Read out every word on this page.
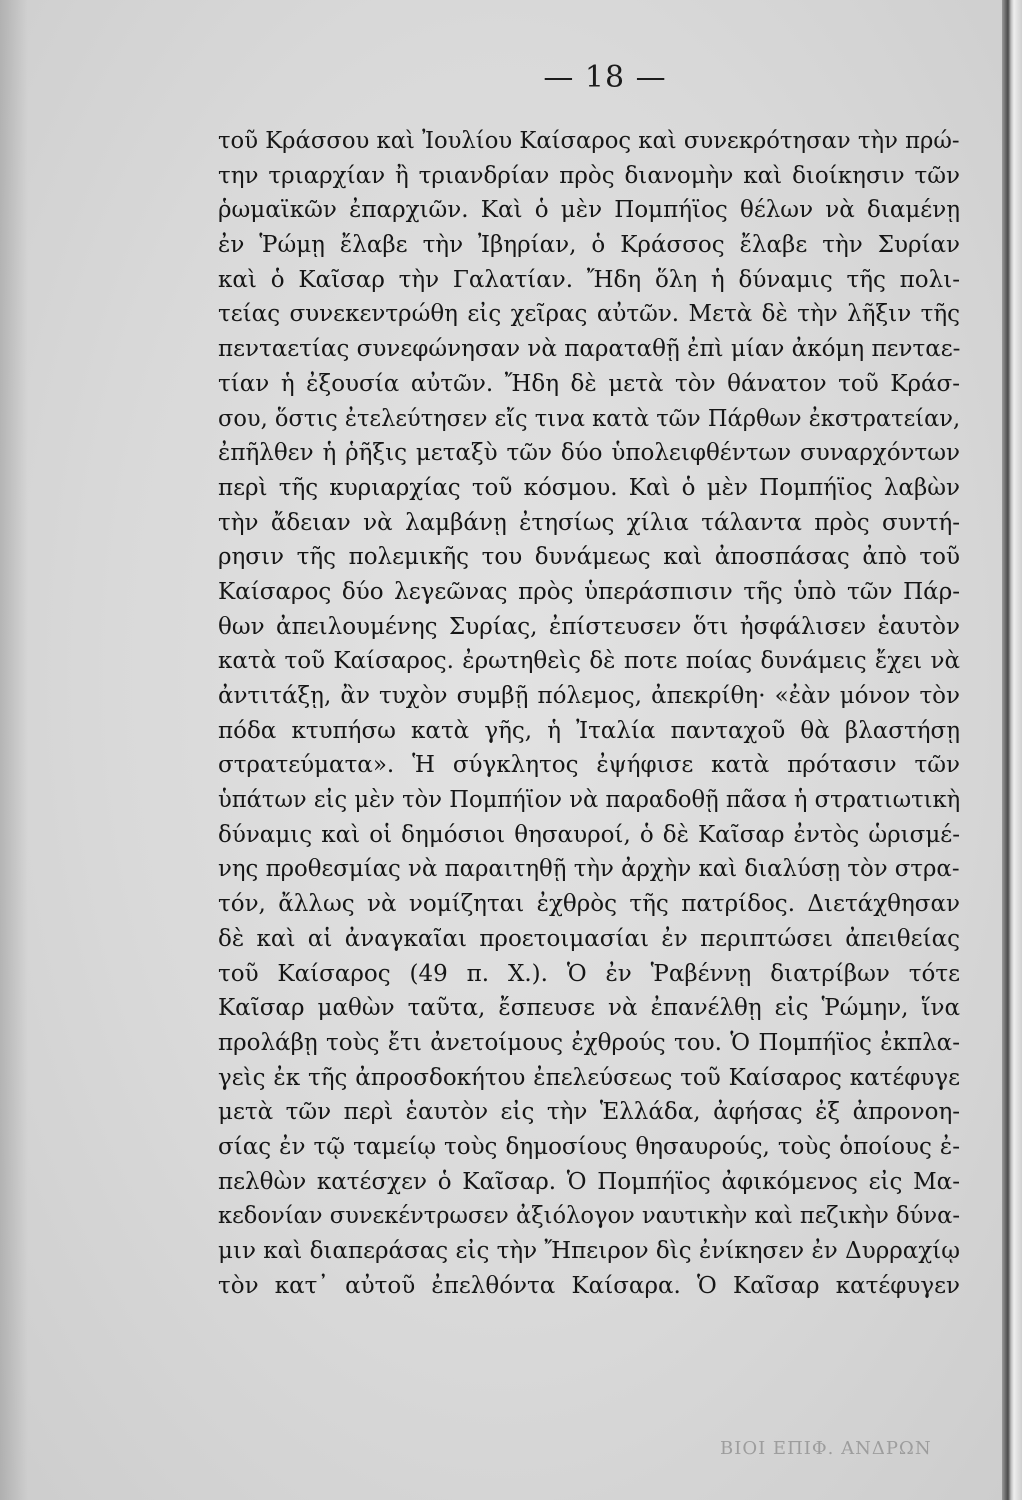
— 18 —
τοῦ Κράσσου καὶ Ἰουλίου Καίσαρος καὶ συνεκρότησαν τὴν πρώ-
την τριαρχίαν ἢ τριανδρίαν πρὸς διανομὴν καὶ διοίκησιν τῶν
ῥωμαϊκῶν ἐπαρχιῶν. Καὶ ὁ μὲν Πομπήϊος θέλων νὰ διαμένῃ
ἐν Ῥώμῃ ἔλαβε τὴν Ἰβηρίαν, ὁ Κράσσος ἔλαβε τὴν Συρίαν
καὶ ὁ Καῖσαρ τὴν Γαλατίαν. Ἤδη ὅλη ἡ δύναμις τῆς πολι-
τείας συνεκεντρώθη εἰς χεῖρας αὐτῶν. Μετὰ δὲ τὴν λῆξιν τῆς
πενταετίας συνεφώνησαν νὰ παραταθῇ ἐπὶ μίαν ἀκόμη πενταε-
τίαν ἡ ἐξουσία αὐτῶν. Ἤδη δὲ μετὰ τὸν θάνατον τοῦ Κράσ-
σου, ὅστις ἐτελεύτησεν εἴς τινα κατὰ τῶν Πάρθων ἐκστρατείαν,
ἐπῆλθεν ἡ ῥῆξις μεταξὺ τῶν δύο ὑπολειφθέντων συναρχόντων
περὶ τῆς κυριαρχίας τοῦ κόσμου. Καὶ ὁ μὲν Πομπήϊος λαβὼν
τὴν ἄδειαν νὰ λαμβάνῃ ἐτησίως χίλια τάλαντα πρὸς συντή-
ρησιν τῆς πολεμικῆς του δυνάμεως καὶ ἀποσπάσας ἀπὸ τοῦ
Καίσαρος δύο λεγεῶνας πρὸς ὑπεράσπισιν τῆς ὑπὸ τῶν Πάρ-
θων ἀπειλουμένης Συρίας, ἐπίστευσεν ὅτι ἠσφάλισεν ἑαυτὸν
κατὰ τοῦ Καίσαρος. ἐρωτηθεὶς δὲ ποτε ποίας δυνάμεις ἔχει νὰ
ἀντιτάξῃ, ἂν τυχὸν συμβῇ πόλεμος, ἀπεκρίθη· «ἐὰν μόνον τὸν
πόδα κτυπήσω κατὰ γῆς, ἡ Ἰταλία πανταχοῦ θὰ βλαστήσῃ
στρατεύματα». Ἡ σύγκλητος ἐψήφισε κατὰ πρότασιν τῶν
ὑπάτων εἰς μὲν τὸν Πομπήϊον νὰ παραδοθῇ πᾶσα ἡ στρατιωτικὴ
δύναμις καὶ οἱ δημόσιοι θησαυροί, ὁ δὲ Καῖσαρ ἐντὸς ὡρισμέ-
νης προθεσμίας νὰ παραιτηθῇ τὴν ἀρχὴν καὶ διαλύσῃ τὸν στρα-
τόν, ἄλλως νὰ νομίζηται ἐχθρὸς τῆς πατρίδος. Διετάχθησαν
δὲ καὶ αἱ ἀναγκαῖαι προετοιμασίαι ἐν περιπτώσει ἀπειθείας
τοῦ Καίσαρος (49 π. Χ.). Ὁ ἐν Ῥαβέννῃ διατρίβων τότε
Καῖσαρ μαθὼν ταῦτα, ἔσπευσε νὰ ἐπανέλθῃ εἰς Ῥώμην, ἵνα
προλάβῃ τοὺς ἔτι ἀνετοίμους ἐχθρούς του. Ὁ Πομπήϊος ἐκπλα-
γεὶς ἐκ τῆς ἀπροσδοκήτου ἐπελεύσεως τοῦ Καίσαρος κατέφυγε
μετὰ τῶν περὶ ἑαυτὸν εἰς τὴν Ἑλλάδα, ἀφήσας ἐξ ἀπρονοη-
σίας ἐν τῷ ταμείῳ τοὺς δημοσίους θησαυρούς, τοὺς ὁποίους ἐ-
πελθὼν κατέσχεν ὁ Καῖσαρ. Ὁ Πομπήϊος ἀφικόμενος εἰς Μα-
κεδονίαν συνεκέντρωσεν ἀξιόλογον ναυτικὴν καὶ πεζικὴν δύνα-
μιν καὶ διαπεράσας εἰς τὴν Ἤπειρον δὶς ἐνίκησεν ἐν Δυρραχίῳ
τὸν κατ᾽ αὐτοῦ ἐπελθόντα Καίσαρα. Ὁ Καῖσαρ κατέφυγεν
ΒΙΟΙ ΕΠΙΦ. ΑΝΔΡΩΝ
